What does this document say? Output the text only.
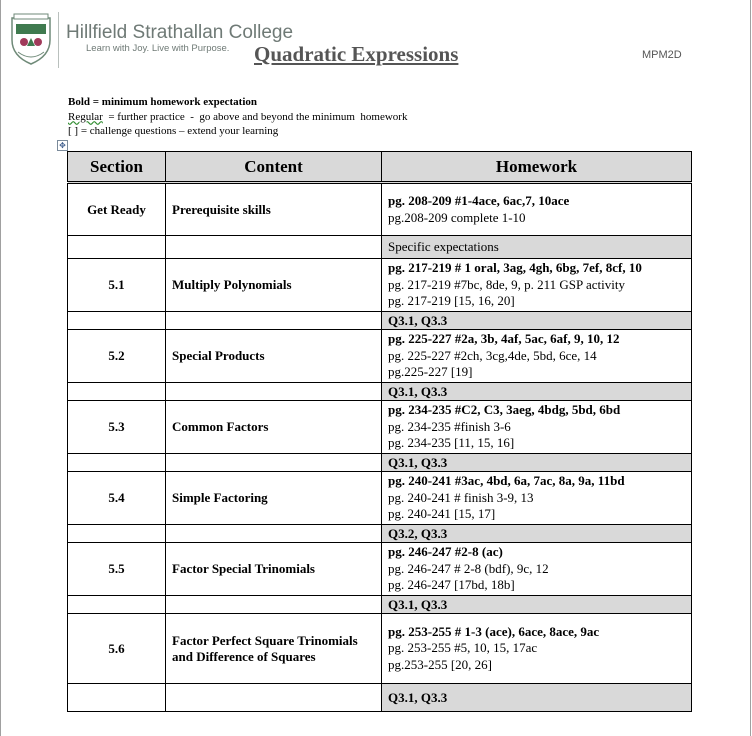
Hillfield Strathallan College
Learn with Joy. Live with Purpose. Quadratic Expressions	MPM2D
Bold = minimum homework expectation
Regular  = further practice  -  go above and beyond the minimum  homework
[ ] = challenge questions – extend your learning
✥
Section	Content	Homework
Get Ready	Prerequisite skills	pg. 208-209 #1-4ace, 6ac,7, 10ace
pg.208-209 complete 1-10

		Specific expectations
5.1	Multiply Polynomials	pg. 217-219 # 1 oral, 3ag, 4gh, 6bg, 7ef, 8cf, 10
pg. 217-219 #7bc, 8de, 9, p. 211 GSP activity
pg. 217-219 [15, 16, 20]

		Q3.1, Q3.3
5.2	Special Products	pg. 225-227 #2a, 3b, 4af, 5ac, 6af, 9, 10, 12
pg. 225-227 #2ch, 3cg,4de, 5bd, 6ce, 14
pg.225-227 [19]

		Q3.1, Q3.3
5.3	Common Factors	pg. 234-235 #C2, C3, 3aeg, 4bdg, 5bd, 6bd
pg. 234-235 #finish 3-6
pg. 234-235 [11, 15, 16]

		Q3.1, Q3.3
5.4	Simple Factoring	pg. 240-241 #3ac, 4bd, 6a, 7ac, 8a, 9a, 11bd
pg. 240-241 # finish 3-9, 13
pg. 240-241 [15, 17]

		Q3.2, Q3.3
5.5	Factor Special Trinomials	pg. 246-247 #2-8 (ac)
pg. 246-247 # 2-8 (bdf), 9c, 12
pg. 246-247 [17bd, 18b]

		Q3.1, Q3.3
5.6	Factor Perfect Square Trinomials and Difference of Squares	pg. 253-255 # 1-3 (ace), 6ace, 8ace, 9ac
pg. 253-255 #5, 10, 15, 17ac
pg.253-255 [20, 26]

		Q3.1, Q3.3
